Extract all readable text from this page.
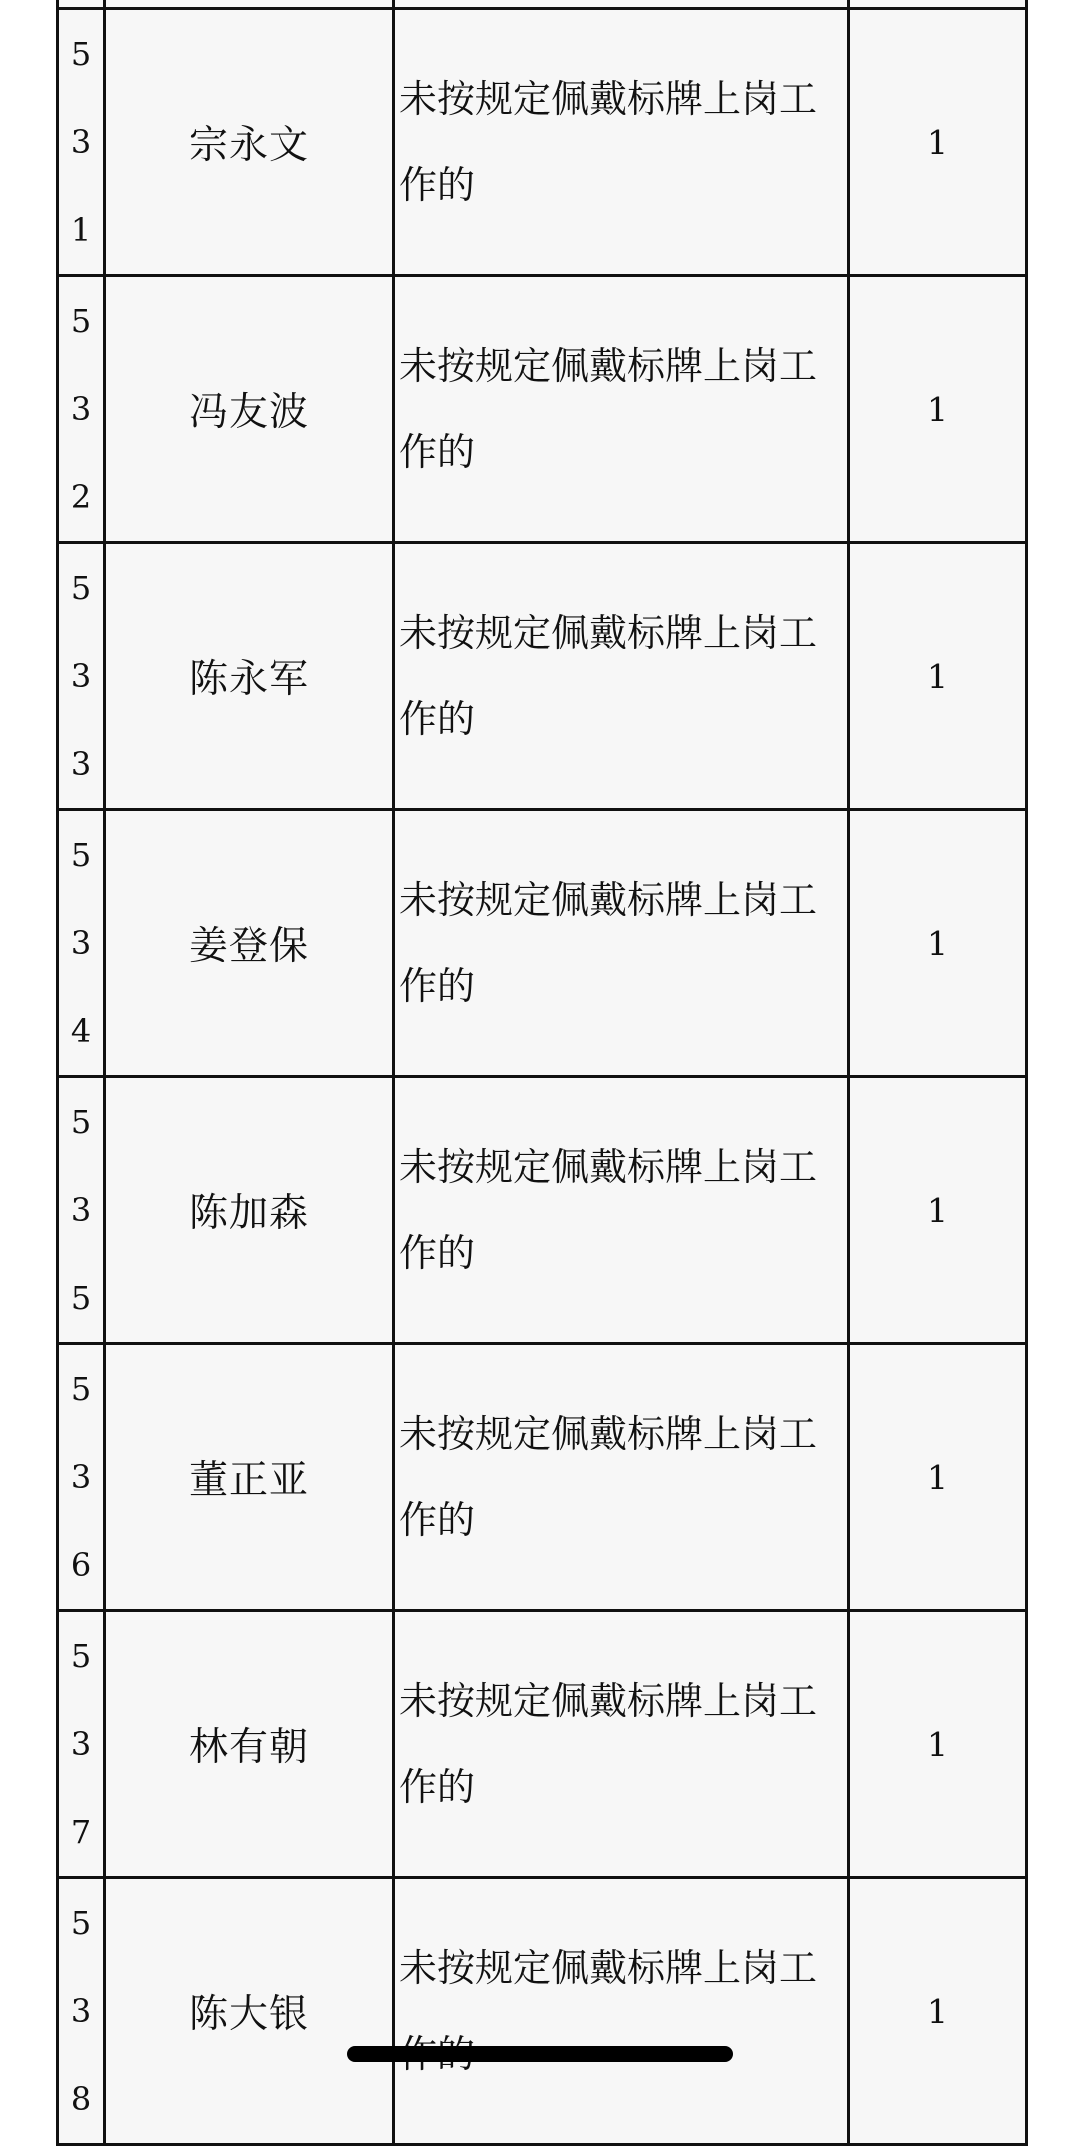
531	宗永文	未按规定佩戴标牌上岗工作的	1

532	冯友波	未按规定佩戴标牌上岗工作的	1

533	陈永军	未按规定佩戴标牌上岗工作的	1

534	姜登保	未按规定佩戴标牌上岗工作的	1

535	陈加森	未按规定佩戴标牌上岗工作的	1

536	董正亚	未按规定佩戴标牌上岗工作的	1

537	林有朝	未按规定佩戴标牌上岗工作的	1

538	陈大银	未按规定佩戴标牌上岗工	1
